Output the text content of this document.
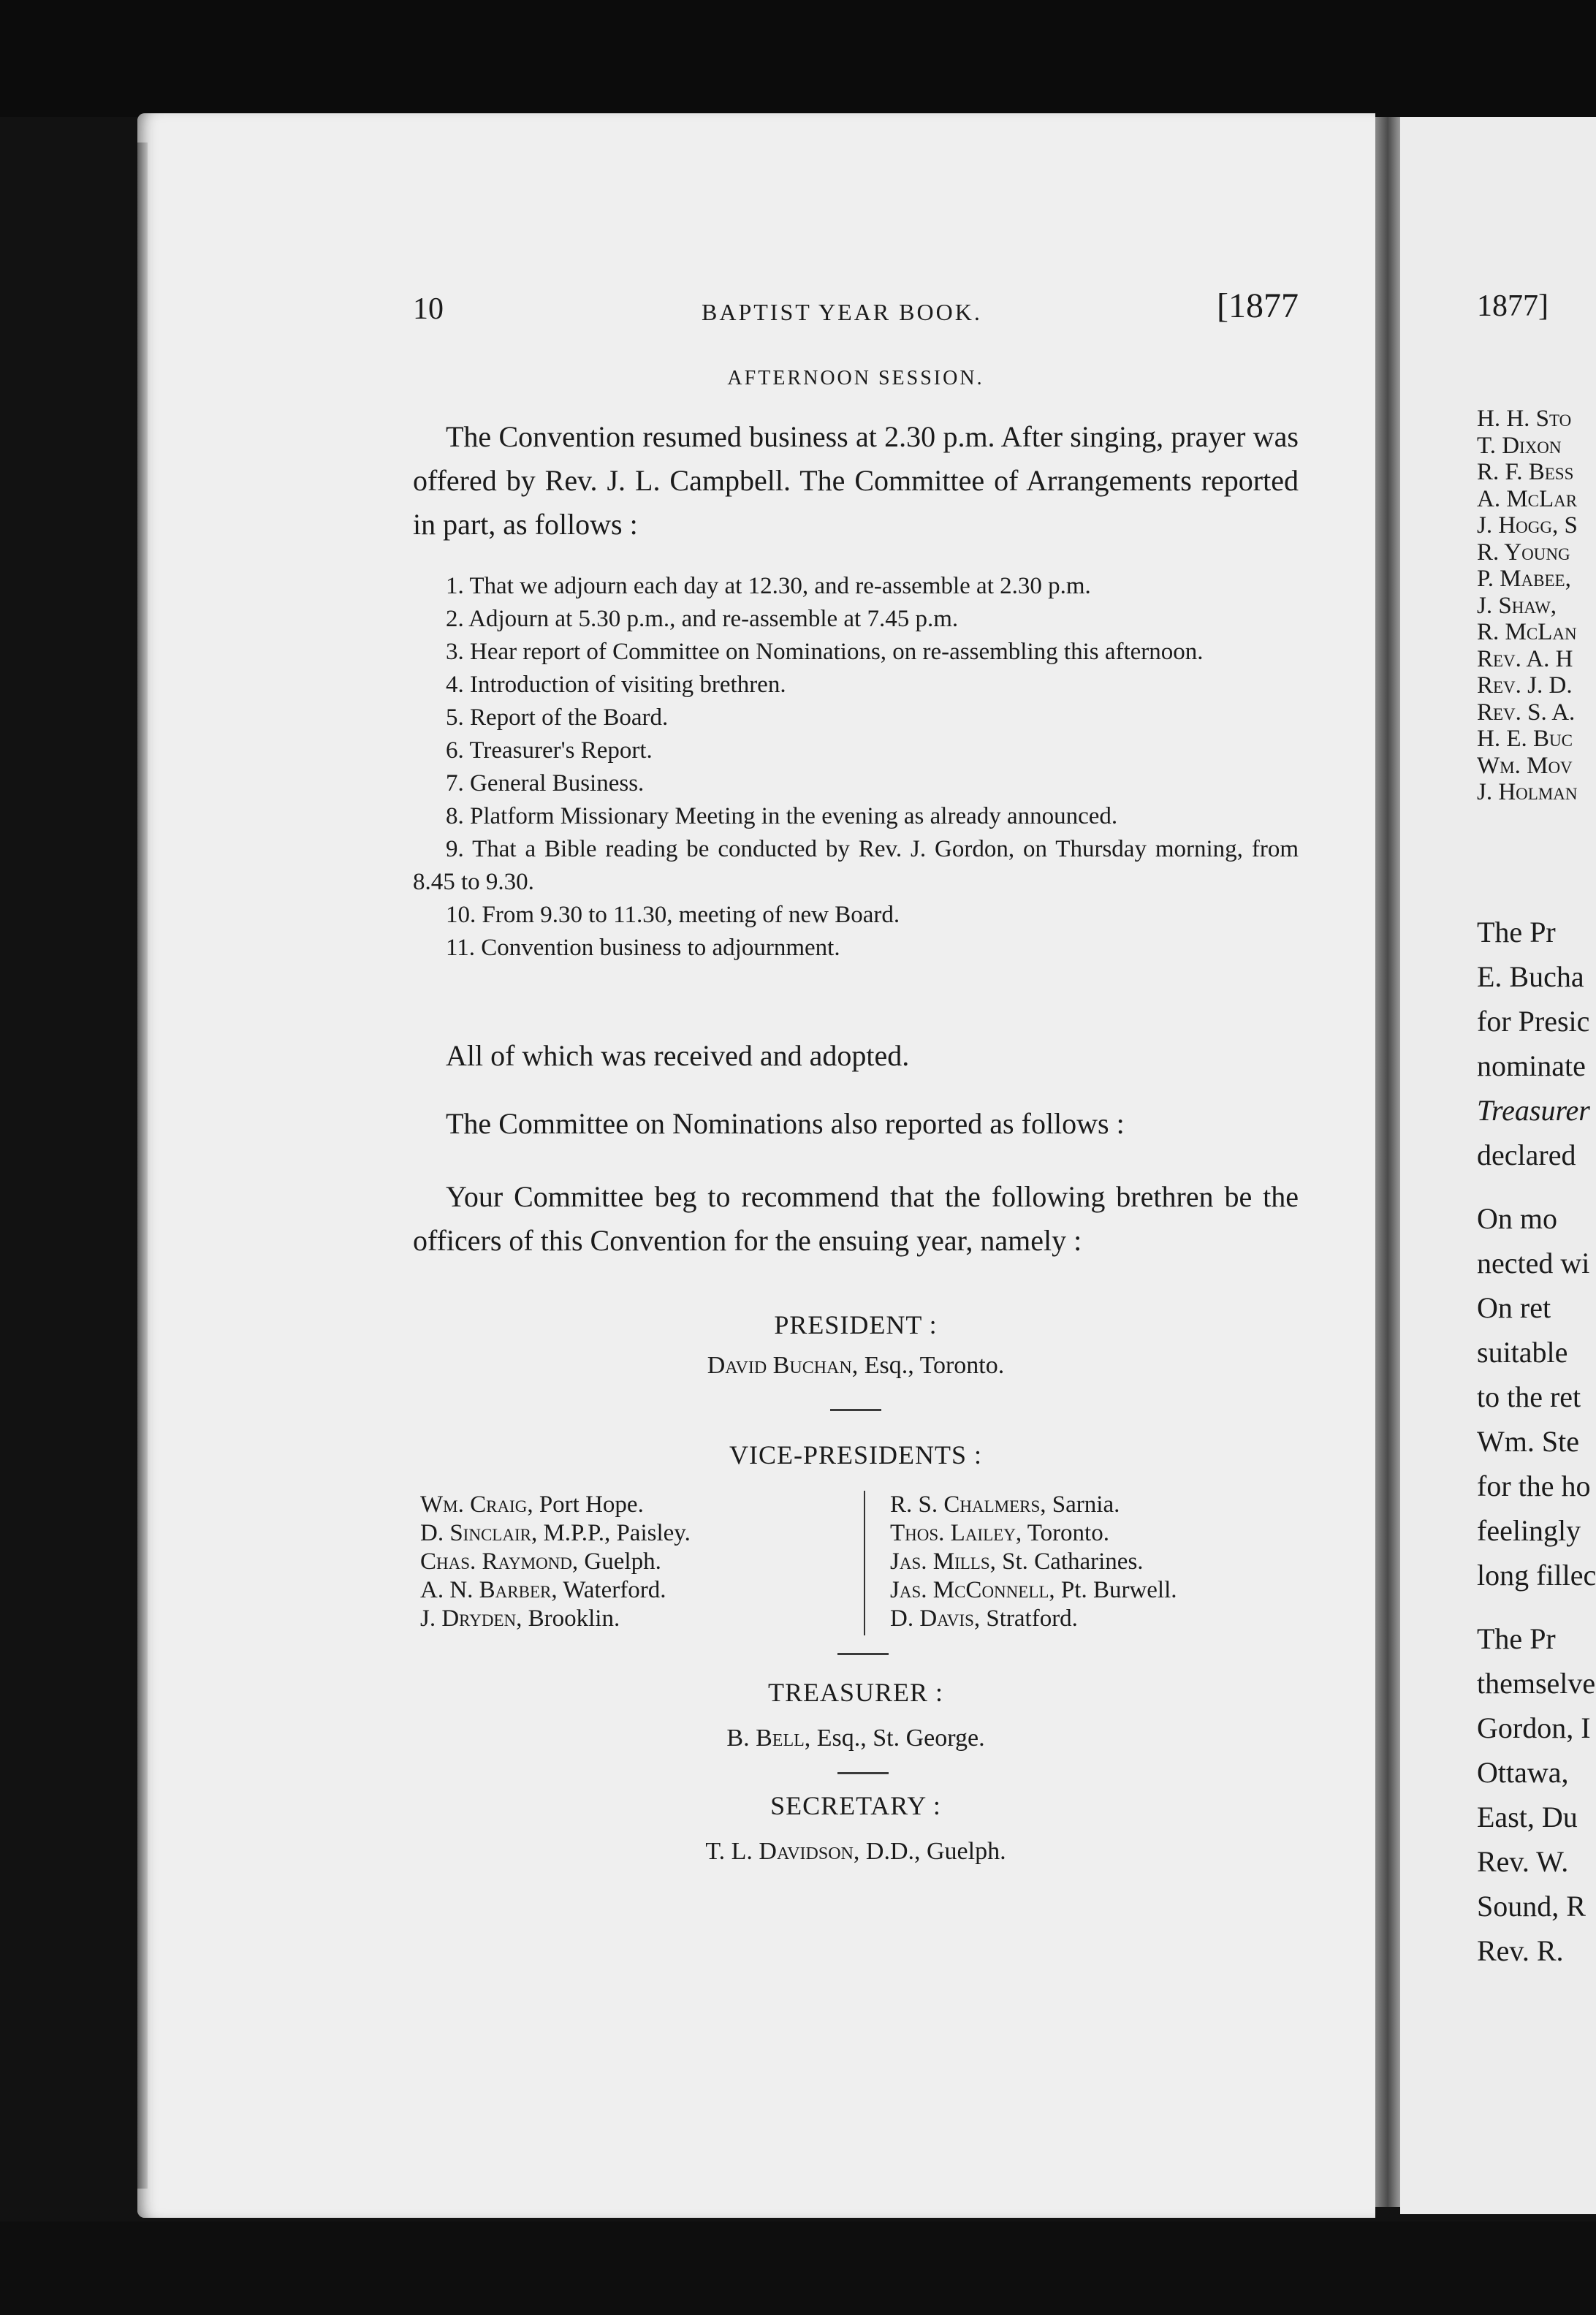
1877]
H. H. Sto
T. Dixon
R. F. Bess
A. McLar
J. Hogg, S
R. Young
P. Mabee,
J. Shaw,
R. McLan
Rev. A. H
Rev. J. D.
Rev. S. A.
H. E. Buc
Wm. Mov
J. Holman
The Pr
E. Bucha
for Presic
nominate
Treasurer
declared
On mo
nected wi
On ret
suitable
to the ret
Wm. Ste
for the ho
feelingly
long fillec
The Pr
themselve
Gordon, I
Ottawa,
East, Du
Rev. W.
Sound, R
Rev. R.
10	BAPTIST YEAR BOOK.	[1877
AFTERNOON SESSION.
The Convention resumed business at 2.30 p.m. After singing, prayer was offered by Rev. J. L. Campbell. The Committee of Arrangements reported in part, as follows :
1. That we adjourn each day at 12.30, and re-assemble at 2.30 p.m.
2. Adjourn at 5.30 p.m., and re-assemble at 7.45 p.m.
3. Hear report of Committee on Nominations, on re-assembling this afternoon.
4. Introduction of visiting brethren.
5. Report of the Board.
6. Treasurer's Report.
7. General Business.
8. Platform Missionary Meeting in the evening as already announced.
9. That a Bible reading be conducted by Rev. J. Gordon, on Thursday morning, from 8.45 to 9.30.
10. From 9.30 to 11.30, meeting of new Board.
11. Convention business to adjournment.
All of which was received and adopted.
The Committee on Nominations also reported as follows :
Your Committee beg to recommend that the following brethren be the officers of this Convention for the ensuing year, namely :
PRESIDENT :
David Buchan, Esq., Toronto.
VICE-PRESIDENTS :
Wm. Craig, Port Hope.
D. Sinclair, M.P.P., Paisley.
Chas. Raymond, Guelph.
A. N. Barber, Waterford.
J. Dryden, Brooklin.
R. S. Chalmers, Sarnia.
Thos. Lailey, Toronto.
Jas. Mills, St. Catharines.
Jas. McConnell, Pt. Burwell.
D. Davis, Stratford.
TREASURER :
B. Bell, Esq., St. George.
SECRETARY :
T. L. Davidson, D.D., Guelph.
